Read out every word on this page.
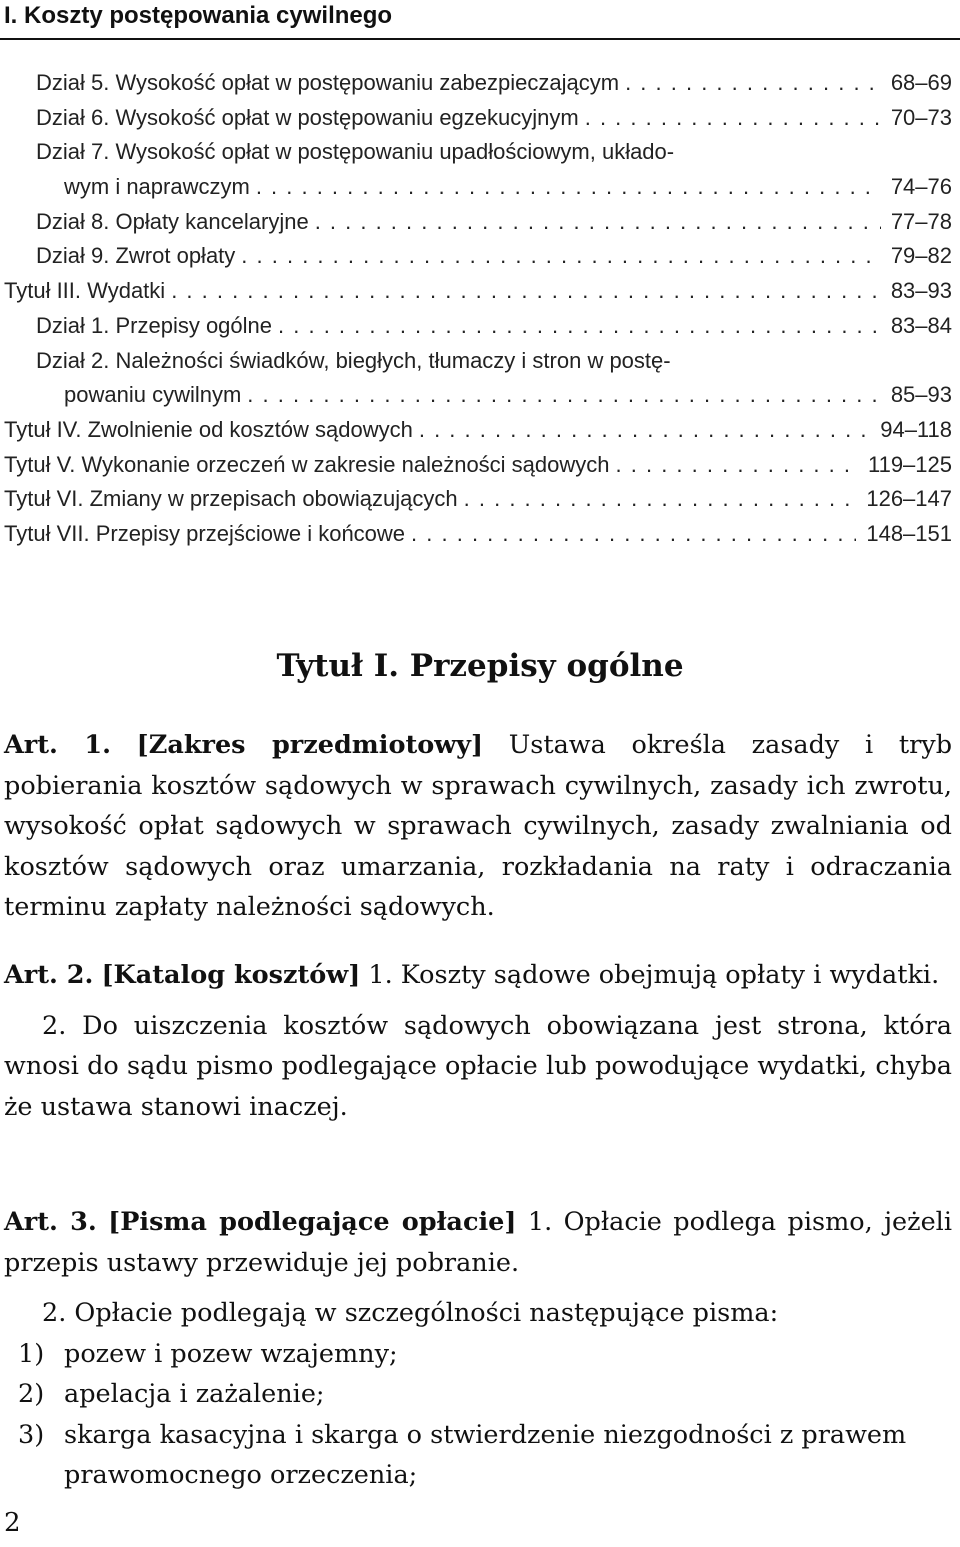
I. Koszty postępowania cywilnego
Dział 5. Wysokość opłat w postępowaniu zabezpieczającym . . .	68–69
Dział 6. Wysokość opłat w postępowaniu egzekucyjnym . . .	70–73
Dział 7. Wysokość opłat w postępowaniu upadłościowym, układo-
wym i naprawczym . . .	74–76
Dział 8. Opłaty kancelaryjne . . .	77–78
Dział 9. Zwrot opłaty . . .	79–82
Tytuł III. Wydatki . . .	83–93
Dział 1. Przepisy ogólne . . .	83–84
Dział 2. Należności świadków, biegłych, tłumaczy i stron w postę-
powaniu cywilnym . . .	85–93
Tytuł IV. Zwolnienie od kosztów sądowych . . .	94–118
Tytuł V. Wykonanie orzeczeń w zakresie należności sądowych . . .	119–125
Tytuł VI. Zmiany w przepisach obowiązujących . . .	126–147
Tytuł VII. Przepisy przejściowe i końcowe . . .	148–151
Tytuł I. Przepisy ogólne

Art. 1. [Zakres przedmiotowy] Ustawa określa zasady i tryb pobierania kosztów sądowych w sprawach cywilnych, zasady ich zwrotu, wysokość opłat sądowych w sprawach cywilnych, zasady zwalniania od kosztów sądowych oraz umarzania, rozkładania na raty i odraczania terminu zapłaty należności sądowych.

Art. 2. [Katalog kosztów] 1. Koszty sądowe obejmują opłaty i wydatki.

2. Do uiszczenia kosztów sądowych obowiązana jest strona, która wnosi do sądu pismo podlegające opłacie lub powodujące wydatki, chyba że ustawa stanowi inaczej.

Art. 3. [Pisma podlegające opłacie] 1. Opłacie podlega pismo, jeżeli przepis ustawy przewiduje jej pobranie.

2. Opłacie podlegają w szczególności następujące pisma:

1) pozew i pozew wzajemny;
2) apelacja i zażalenie;
3) skarga kasacyjna i skarga o stwierdzenie niezgodności z prawem prawomocnego orzeczenia;
2
